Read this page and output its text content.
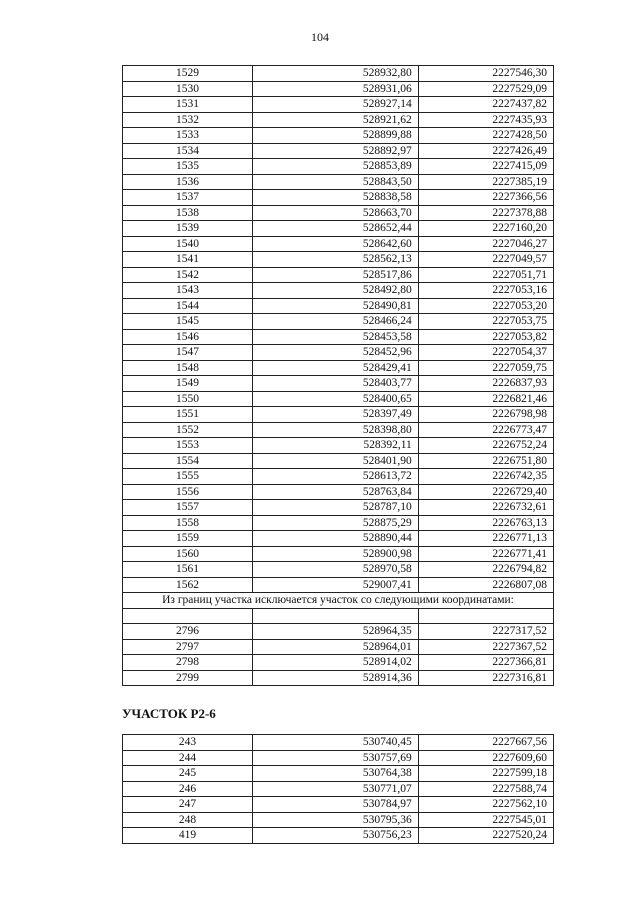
104
1529	528932,80	2227546,30
1530	528931,06	2227529,09
1531	528927,14	2227437,82
1532	528921,62	2227435,93
1533	528899,88	2227428,50
1534	528892,97	2227426,49
1535	528853,89	2227415,09
1536	528843,50	2227385,19
1537	528838,58	2227366,56
1538	528663,70	2227378,88
1539	528652,44	2227160,20
1540	528642,60	2227046,27
1541	528562,13	2227049,57
1542	528517,86	2227051,71
1543	528492,80	2227053,16
1544	528490,81	2227053,20
1545	528466,24	2227053,75
1546	528453,58	2227053,82
1547	528452,96	2227054,37
1548	528429,41	2227059,75
1549	528403,77	2226837,93
1550	528400,65	2226821,46
1551	528397,49	2226798,98
1552	528398,80	2226773,47
1553	528392,11	2226752,24
1554	528401,90	2226751,80
1555	528613,72	2226742,35
1556	528763,84	2226729,40
1557	528787,10	2226732,61
1558	528875,29	2226763,13
1559	528890,44	2226771,13
1560	528900,98	2226771,41
1561	528970,58	2226794,82
1562	529007,41	2226807,08
Из границ участка исключается участок со следующими координатами:		

2796	528964,35	2227317,52
2797	528964,01	2227367,52
2798	528914,02	2227366,81
2799	528914,36	2227316,81
УЧАСТОК Р2-6
243	530740,45	2227667,56
244	530757,69	2227609,60
245	530764,38	2227599,18
246	530771,07	2227588,74
247	530784,97	2227562,10
248	530795,36	2227545,01
419	530756,23	2227520,24
